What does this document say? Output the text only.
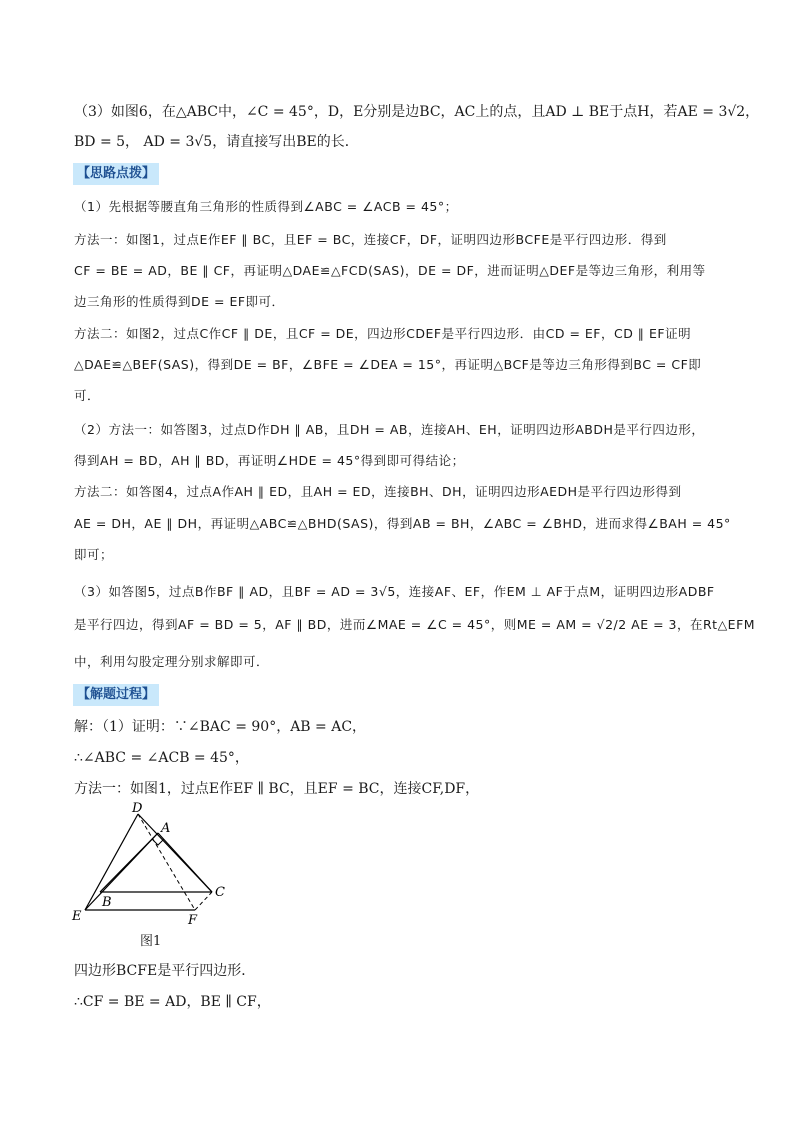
（3）如图6，在△ABC中，∠C = 45°，D，E分别是边BC，AC上的点，且AD ⊥ BE于点H，若AE = 3√2，
BD = 5， AD = 3√5，请直接写出BE的长．
【思路点拨】
（1）先根据等腰直角三角形的性质得到∠ABC = ∠ACB = 45°；
方法一：如图1，过点E作EF ∥ BC，且EF = BC，连接CF，DF，证明四边形BCFE是平行四边形．得到
CF = BE = AD，BE ∥ CF，再证明△DAE≌△FCD(SAS)，DE = DF，进而证明△DEF是等边三角形，利用等
边三角形的性质得到DE = EF即可．
方法二：如图2，过点C作CF ∥ DE，且CF = DE，四边形CDEF是平行四边形．由CD = EF，CD ∥ EF证明
△DAE≌△BEF(SAS)，得到DE = BF，∠BFE = ∠DEA = 15°，再证明△BCF是等边三角形得到BC = CF即
可．
（2）方法一：如答图3，过点D作DH ∥ AB，且DH = AB，连接AH、EH，证明四边形ABDH是平行四边形，
得到AH = BD，AH ∥ BD，再证明∠HDE = 45°得到即可得结论；
方法二：如答图4，过点A作AH ∥ ED，且AH = ED，连接BH、DH，证明四边形AEDH是平行四边形得到
AE = DH，AE ∥ DH，再证明△ABC≌△BHD(SAS)，得到AB = BH，∠ABC = ∠BHD，进而求得∠BAH = 45°
即可；
（3）如答图5，过点B作BF ∥ AD，且BF = AD = 3√5，连接AF、EF，作EM ⊥ AF于点M，证明四边形ADBF
是平行四边，得到AF = BD = 5，AF ∥ BD，进而∠MAE = ∠C = 45°，则ME = AM = √2/2 AE = 3，在Rt△EFM
中，利用勾股定理分别求解即可．
【解题过程】
解：（1）证明：∵∠BAC = 90°，AB = AC，
∴∠ABC = ∠ACB = 45°，
方法一：如图1，过点E作EF ∥ BC，且EF = BC，连接CF,DF，
D
A
B
C
E	F
图1
四边形BCFE是平行四边形．
∴CF = BE = AD，BE ∥ CF，
